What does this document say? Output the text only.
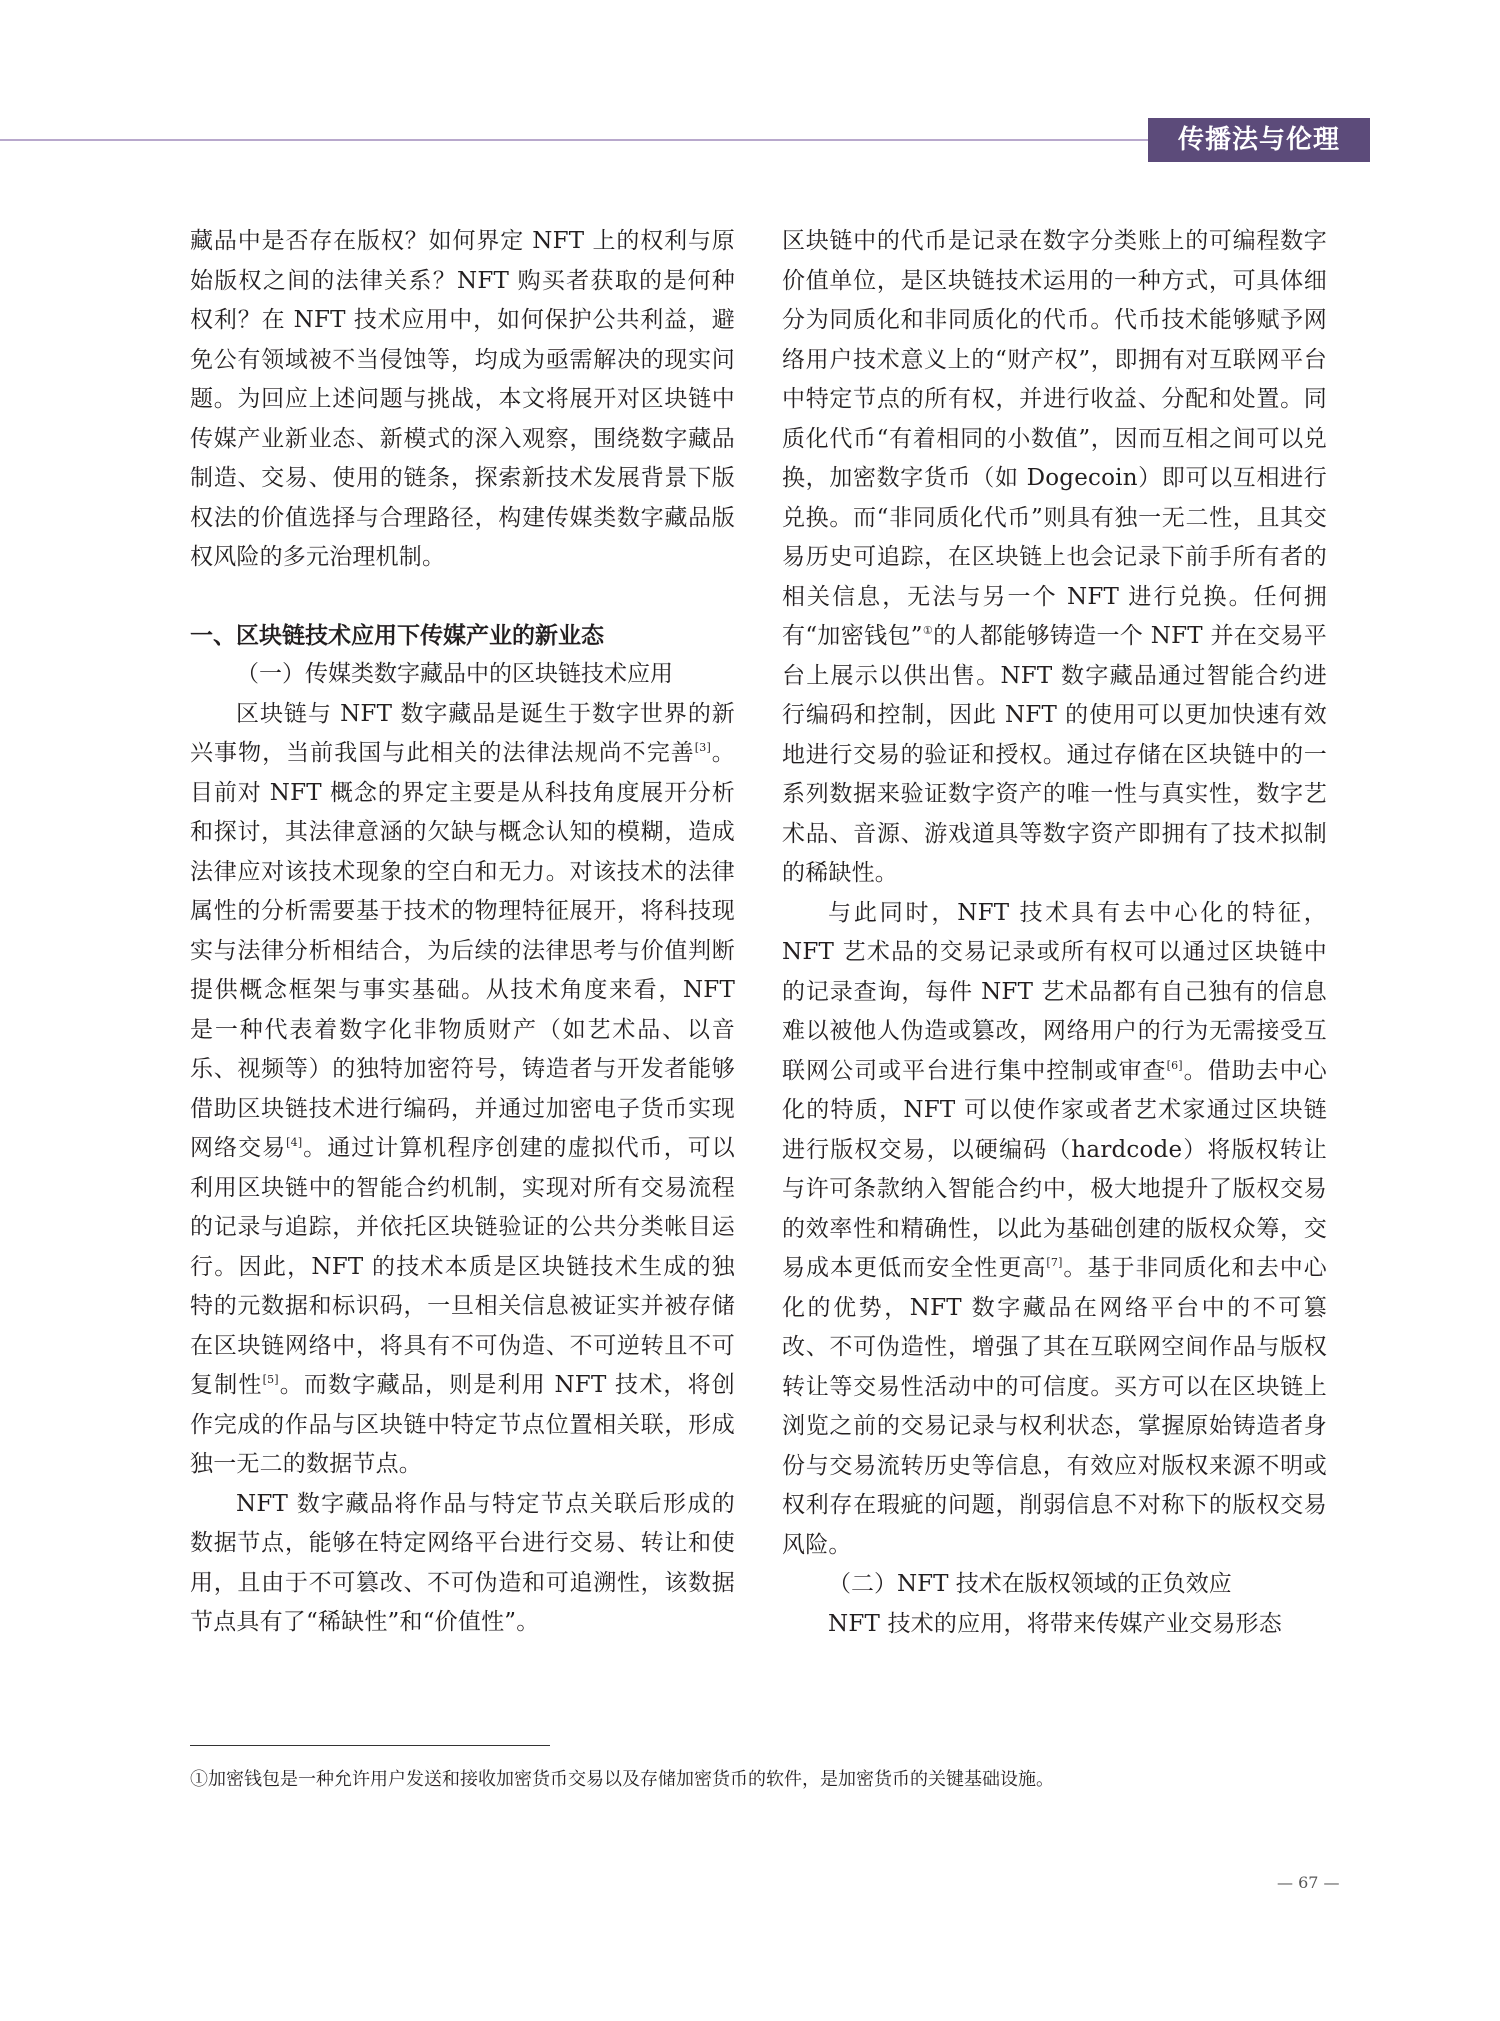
传播法与伦理

藏品中是否存在版权？如何界定 NFT 上的权利与原始版权之间的法律关系？NFT 购买者获取的是何种权利？在 NFT 技术应用中，如何保护公共利益，避免公有领域被不当侵蚀等，均成为亟需解决的现实问题。为回应上述问题与挑战，本文将展开对区块链中传媒产业新业态、新模式的深入观察，围绕数字藏品制造、交易、使用的链条，探索新技术发展背景下版权法的价值选择与合理路径，构建传媒类数字藏品版权风险的多元治理机制。

一、区块链技术应用下传媒产业的新业态

（一）传媒类数字藏品中的区块链技术应用

区块链与 NFT 数字藏品是诞生于数字世界的新兴事物，当前我国与此相关的法律法规尚不完善[3]。目前对 NFT 概念的界定主要是从科技角度展开分析和探讨，其法律意涵的欠缺与概念认知的模糊，造成法律应对该技术现象的空白和无力。对该技术的法律属性的分析需要基于技术的物理特征展开，将科技现实与法律分析相结合，为后续的法律思考与价值判断提供概念框架与事实基础。从技术角度来看，NFT 是一种代表着数字化非物质财产（如艺术品、以音乐、视频等）的独特加密符号，铸造者与开发者能够借助区块链技术进行编码，并通过加密电子货币实现网络交易[4]。通过计算机程序创建的虚拟代币，可以利用区块链中的智能合约机制，实现对所有交易流程的记录与追踪，并依托区块链验证的公共分类帐目运行。因此，NFT 的技术本质是区块链技术生成的独特的元数据和标识码，一旦相关信息被证实并被存储在区块链网络中，将具有不可伪造、不可逆转且不可复制性[5]。而数字藏品，则是利用 NFT 技术，将创作完成的作品与区块链中特定节点位置相关联，形成独一无二的数据节点。

NFT 数字藏品将作品与特定节点关联后形成的数据节点，能够在特定网络平台进行交易、转让和使用，且由于不可篡改、不可伪造和可追溯性，该数据节点具有了“稀缺性”和“价值性”。

区块链中的代币是记录在数字分类账上的可编程数字价值单位，是区块链技术运用的一种方式，可具体细分为同质化和非同质化的代币。代币技术能够赋予网络用户技术意义上的“财产权”，即拥有对互联网平台中特定节点的所有权，并进行收益、分配和处置。同质化代币“有着相同的小数值”，因而互相之间可以兑换，加密数字货币（如 Dogecoin）即可以互相进行兑换。而“非同质化代币”则具有独一无二性，且其交易历史可追踪，在区块链上也会记录下前手所有者的相关信息，无法与另一个 NFT 进行兑换。任何拥有“加密钱包”①的人都能够铸造一个 NFT 并在交易平台上展示以供出售。NFT 数字藏品通过智能合约进行编码和控制，因此 NFT 的使用可以更加快速有效地进行交易的验证和授权。通过存储在区块链中的一系列数据来验证数字资产的唯一性与真实性，数字艺术品、音源、游戏道具等数字资产即拥有了技术拟制的稀缺性。

与此同时，NFT 技术具有去中心化的特征，NFT 艺术品的交易记录或所有权可以通过区块链中的记录查询，每件 NFT 艺术品都有自己独有的信息难以被他人伪造或篡改，网络用户的行为无需接受互联网公司或平台进行集中控制或审查[6]。借助去中心化的特质，NFT 可以使作家或者艺术家通过区块链进行版权交易，以硬编码（hardcode）将版权转让与许可条款纳入智能合约中，极大地提升了版权交易的效率性和精确性，以此为基础创建的版权众筹，交易成本更低而安全性更高[7]。基于非同质化和去中心化的优势，NFT 数字藏品在网络平台中的不可篡改、不可伪造性，增强了其在互联网空间作品与版权转让等交易性活动中的可信度。买方可以在区块链上浏览之前的交易记录与权利状态，掌握原始铸造者身份与交易流转历史等信息，有效应对版权来源不明或权利存在瑕疵的问题，削弱信息不对称下的版权交易风险。

（二）NFT 技术在版权领域的正负效应

NFT 技术的应用，将带来传媒产业交易形态

①加密钱包是一种允许用户发送和接收加密货币交易以及存储加密货币的软件，是加密货币的关键基础设施。
— 67 —
